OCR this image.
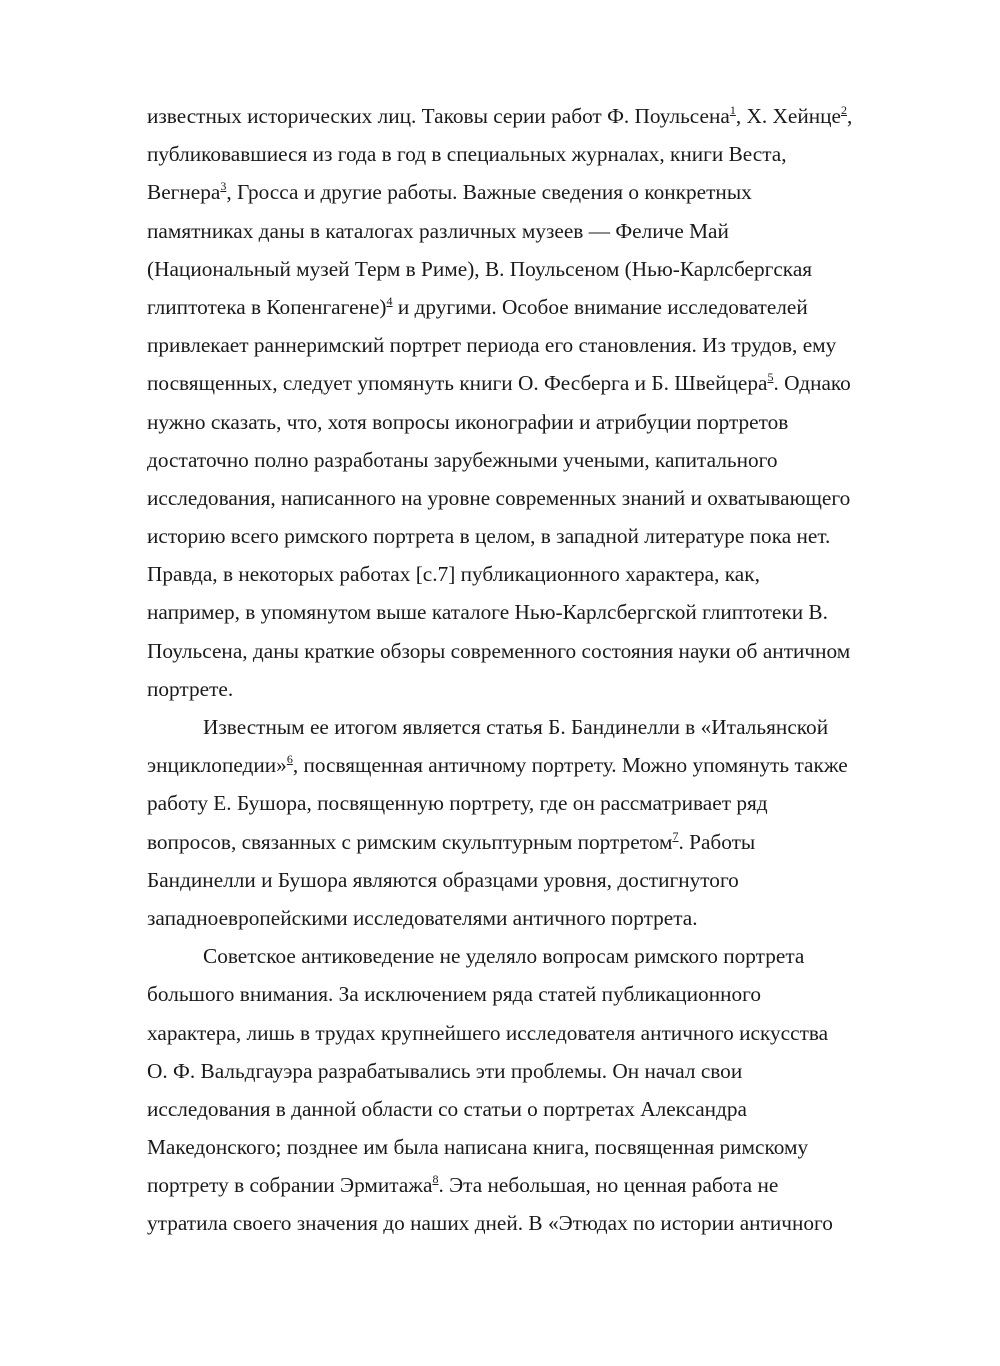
известных исторических лиц. Таковы серии работ Ф. Поульсена$^1$, Х. Хейнце$^2$,
публиковавшиеся из года в год в специальных журналах, книги Веста,
Вегнера$^3$, Гросса и другие работы. Важные сведения о конкретных
памятниках даны в каталогах различных музеев — Феличе Май
(Национальный музей Терм в Риме), В. Поульсеном (Нью-Карлсбергская
глиптотека в Копенгагене)$^4$ и другими. Особое внимание исследователей
привлекает раннеримский портрет периода его становления. Из трудов, ему
посвященных, следует упомянуть книги О. Фесберга и Б. Швейцера$^5$. Однако
нужно сказать, что, хотя вопросы иконографии и атрибуции портретов
достаточно полно разработаны зарубежными учеными, капитального
исследования, написанного на уровне современных знаний и охватывающего
историю всего римского портрета в целом, в западной литературе пока нет.
Правда, в некоторых работах [с.7] публикационного характера, как,
например, в упомянутом выше каталоге Нью-Карлсбергской глиптотеки В.
Поульсена, даны краткие обзоры современного состояния науки об античном
портрете.
Известным ее итогом является статья Б. Бандинелли в «Итальянской
энциклопедии»$^6$, посвященная античному портрету. Можно упомянуть также
работу Е. Бушора, посвященную портрету, где он рассматривает ряд
вопросов, связанных с римским скульптурным портретом$^7$. Работы
Бандинелли и Бушора являются образцами уровня, достигнутого
западноевропейскими исследователями античного портрета.
Советское антиковедение не уделяло вопросам римского портрета
большого внимания. За исключением ряда статей публикационного
характера, лишь в трудах крупнейшего исследователя античного искусства
О. Ф. Вальдгауэра разрабатывались эти проблемы. Он начал свои
исследования в данной области со статьи о портретах Александра
Македонского; позднее им была написана книга, посвященная римскому
портрету в собрании Эрмитажа$^8$. Эта небольшая, но ценная работа не
утратила своего значения до наших дней. В «Этюдах по истории античного
